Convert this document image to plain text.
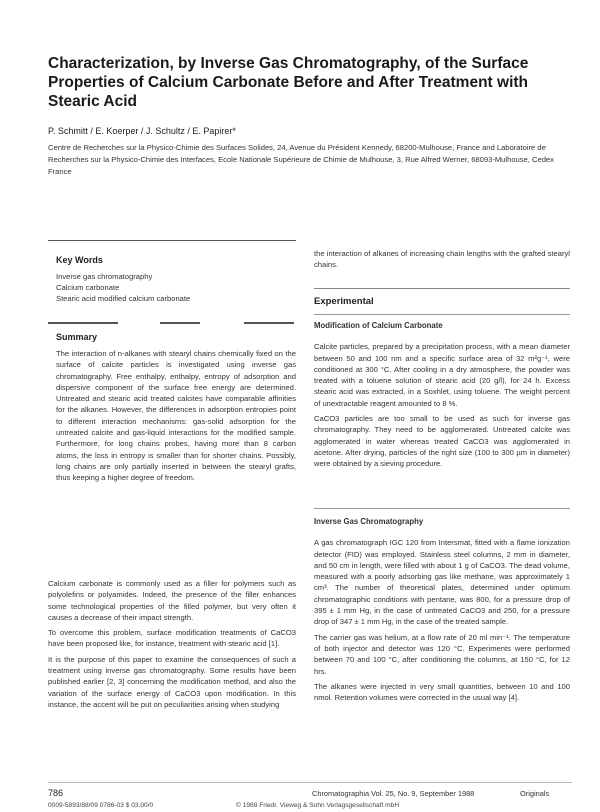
Characterization, by Inverse Gas Chromatography, of the Surface Properties of Calcium Carbonate Before and After Treatment with Stearic Acid
P. Schmitt / E. Koerper / J. Schultz / E. Papirer*
Centre de Recherches sur la Physico-Chimie des Surfaces Solides, 24, Avenue du Président Kennedy, 68200-Mulhouse, France and Laboratoire de Recherches sur la Physico-Chimie des Interfaces, Ecole Nationale Supérieure de Chimie de Mulhouse, 3, Rue Alfred Werner, 68093-Mulhouse, Cedex France
Key Words
Inverse gas chromatography
Calcium carbonate
Stearic acid modified calcium carbonate
Summary
The interaction of n-alkanes with stearyl chains chemically fixed on the surface of calcite particles is investigated using inverse gas chromatography. Free enthalpy, enthalpy, entropy of adsorption and dispersive component of the surface free energy are determined. Untreated and stearic acid treated calcites have comparable affinities for the alkanes. However, the differences in adsorption entropies point to different interaction mechanisms: gas-solid adsorption for the untreated calcite and gas-liquid interactions for the modified sample. Furthermore, for long chains probes, having more than 8 carbon atoms, the loss in entropy is smaller than for shorter chains. Possibly, long chains are only partially inserted in between the stearyl grafts, thus keeping a higher degree of freedom.

Calcium carbonate is commonly used as a filler for polymers such as polyolefins or polyamides. Indeed, the presence of the filler enhances some technological properties of the filled polymer, but very often it causes a decrease of their impact strength.

To overcome this problem, surface modification treatments of CaCO3 have been proposed like, for instance, treatment with stearic acid [1].

It is the purpose of this paper to examine the consequences of such a treatment using inverse gas chromatography. Some results have been published earlier [2, 3] concerning the modification method, and also the variation of the surface energy of CaCO3 upon modification. In this instance, the accent will be put on peculiarities arising when studying

the interaction of alkanes of increasing chain lengths with the grafted stearyl chains.

Experimental
Modification of Calcium Carbonate

Calcite particles, prepared by a precipitation process, with a mean diameter between 50 and 100 nm and a specific surface area of 32 m²g⁻¹, were conditioned at 300 °C. After cooling in a dry atmosphere, the powder was treated with a toluene solution of stearic acid (20 g/l), for 24 h. Excess stearic acid was extracted, in a Soxhlet, using toluene. The weight percent of unextractable reagent amounted to 8 %.

CaCO3 particles are too small to be used as such for inverse gas chromatography. They need to be agglomerated. Untreated calcite was agglomerated in water whereas treated CaCO3 was agglomerated in acetone. After drying, particles of the right size (100 to 300 µm in diameter) were obtained by a sieving procedure.

Inverse Gas Chromatography

A gas chromatograph IGC 120 from Intersmat, fitted with a flame ionization detector (FID) was employed. Stainless steel columns, 2 mm in diameter, and 50 cm in length, were filled with about 1 g of CaCO3. The dead volume, measured with a poorly adsorbing gas like methane, was approximately 1 cm³. The number of theoretical plates, determined under optimum chromatographic conditions with pentane, was 800, for a pressure drop of 395 ± 1 mm Hg, in the case of untreated CaCO3 and 250, for a pressure drop of 347 ± 1 mm Hg, in the case of the treated sample.

The carrier gas was helium, at a flow rate of 20 ml min⁻¹. The temperature of both injector and detector was 120 °C. Experiments were performed between 70 and 100 °C, after conditioning the columns, at 150 °C, for 12 hrs.

The alkanes were injected in very small quantities, between 10 and 100 nmol. Retention volumes were corrected in the usual way [4].

786	Chromatographia Vol. 25, No. 9, September 1988	Originals
0009-5893/88/09 0786-03 $ 03.00/0	© 1988 Friedr. Vieweg & Sohn Verlagsgesellschaft mbH
